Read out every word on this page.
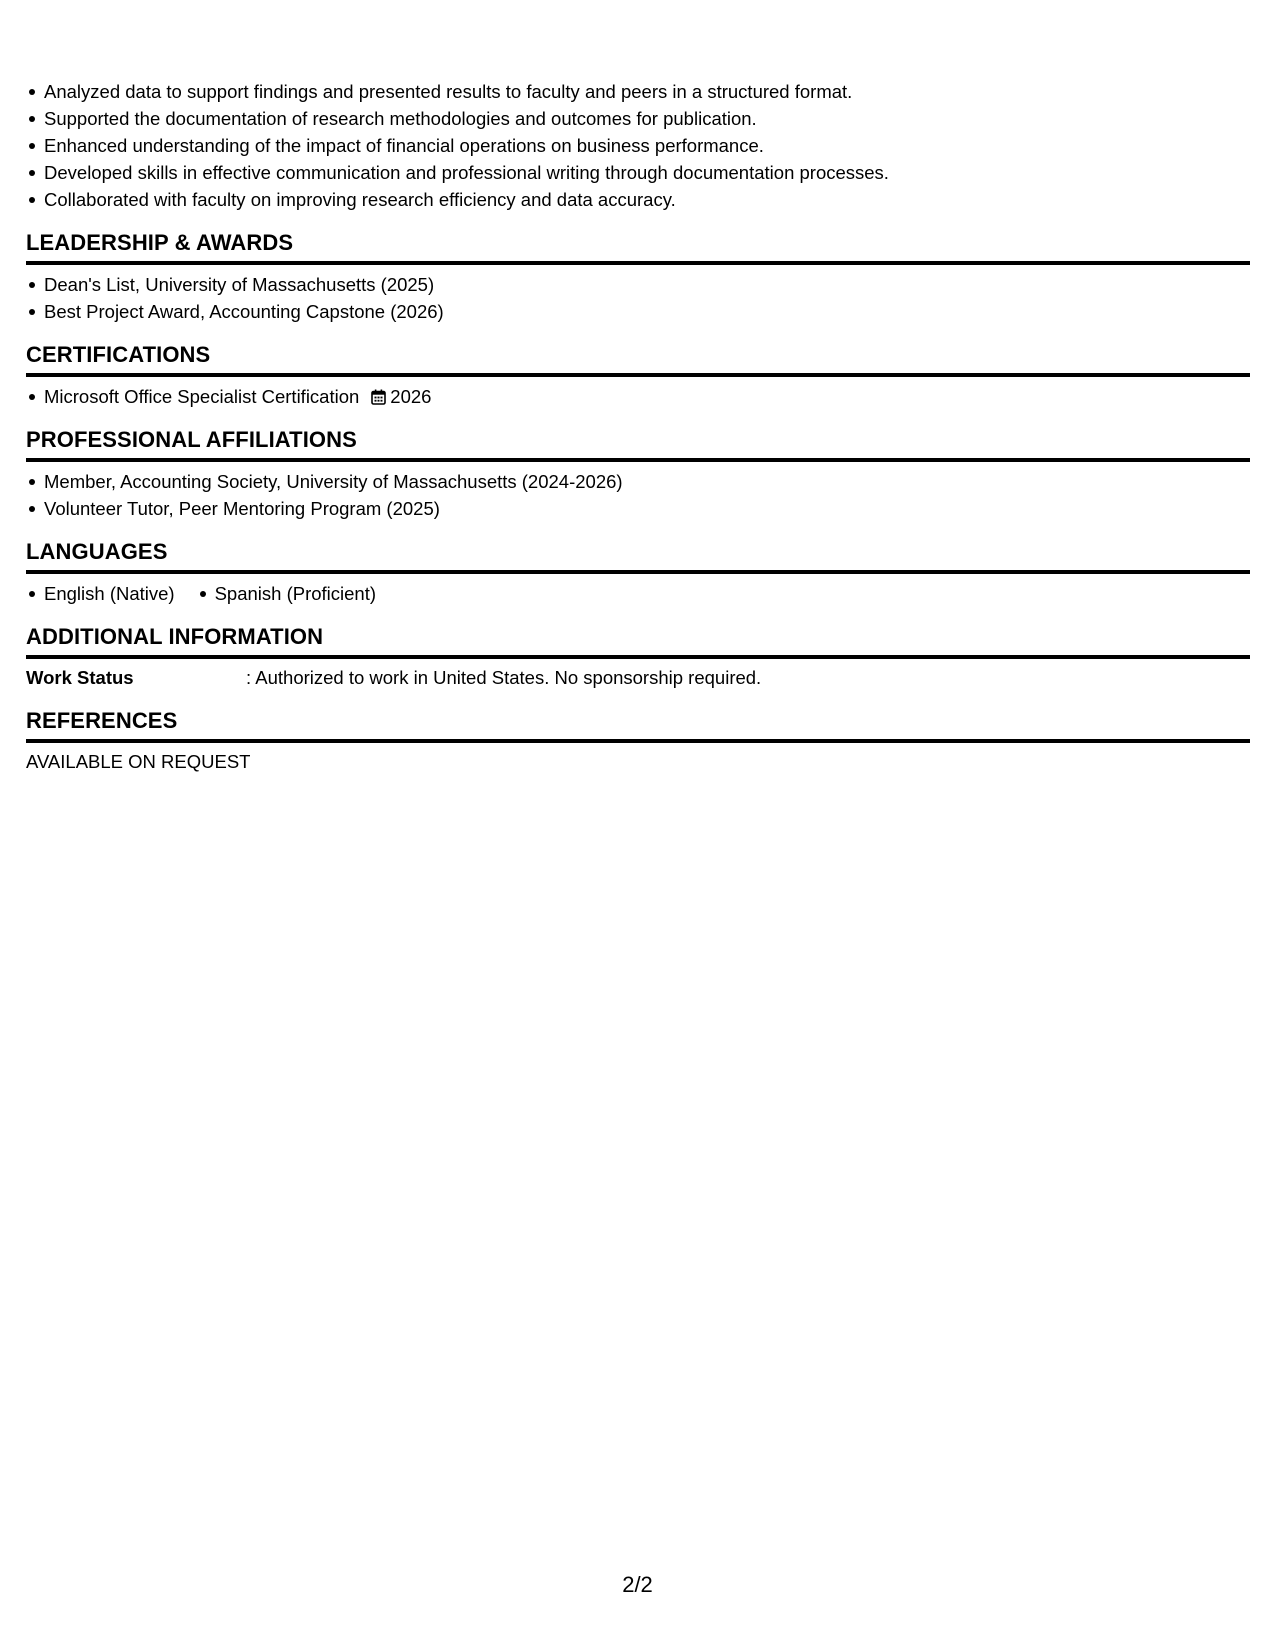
Analyzed data to support findings and presented results to faculty and peers in a structured format.
Supported the documentation of research methodologies and outcomes for publication.
Enhanced understanding of the impact of financial operations on business performance.
Developed skills in effective communication and professional writing through documentation processes.
Collaborated with faculty on improving research efficiency and data accuracy.
LEADERSHIP & AWARDS
Dean's List, University of Massachusetts (2025)
Best Project Award, Accounting Capstone (2026)
CERTIFICATIONS
Microsoft Office Specialist Certification 2026
PROFESSIONAL AFFILIATIONS
Member, Accounting Society, University of Massachusetts (2024-2026)
Volunteer Tutor, Peer Mentoring Program (2025)
LANGUAGES
English (Native)	Spanish (Proficient)
ADDITIONAL INFORMATION
Work Status	: Authorized to work in United States. No sponsorship required.
REFERENCES
AVAILABLE ON REQUEST
2/2
